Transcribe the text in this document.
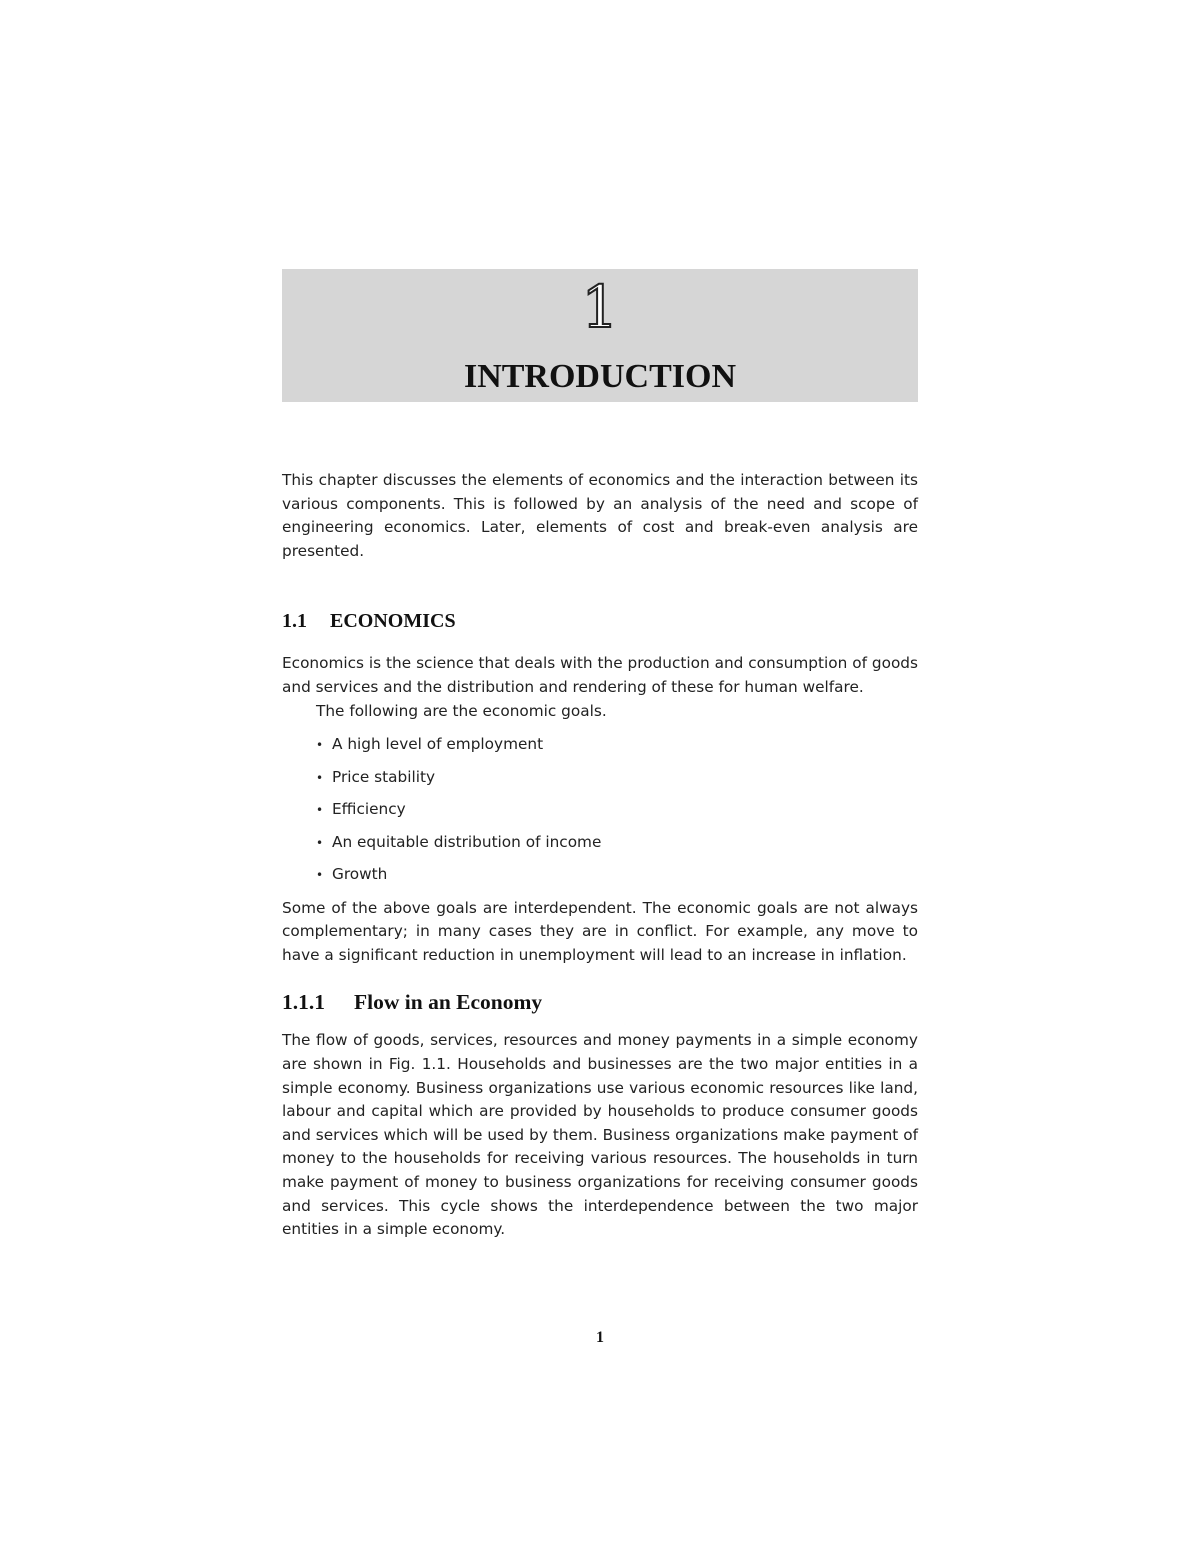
1
INTRODUCTION

This chapter discusses the elements of economics and the interaction between its various components. This is followed by an analysis of the need and scope of engineering economics. Later, elements of cost and break-even analysis are presented.

1.1 ECONOMICS

Economics is the science that deals with the production and consumption of goods and services and the distribution and rendering of these for human welfare.

The following are the economic goals.

• A high level of employment
• Price stability
• Efficiency
• An equitable distribution of income
• Growth

Some of the above goals are interdependent. The economic goals are not always complementary; in many cases they are in conflict. For example, any move to have a significant reduction in unemployment will lead to an increase in inflation.

1.1.1 Flow in an Economy

The flow of goods, services, resources and money payments in a simple economy are shown in Fig. 1.1. Households and businesses are the two major entities in a simple economy. Business organizations use various economic resources like land, labour and capital which are provided by households to produce consumer goods and services which will be used by them. Business organizations make payment of money to the households for receiving various resources. The households in turn make payment of money to business organizations for receiving consumer goods and services. This cycle shows the interdependence between the two major entities in a simple economy.

1
